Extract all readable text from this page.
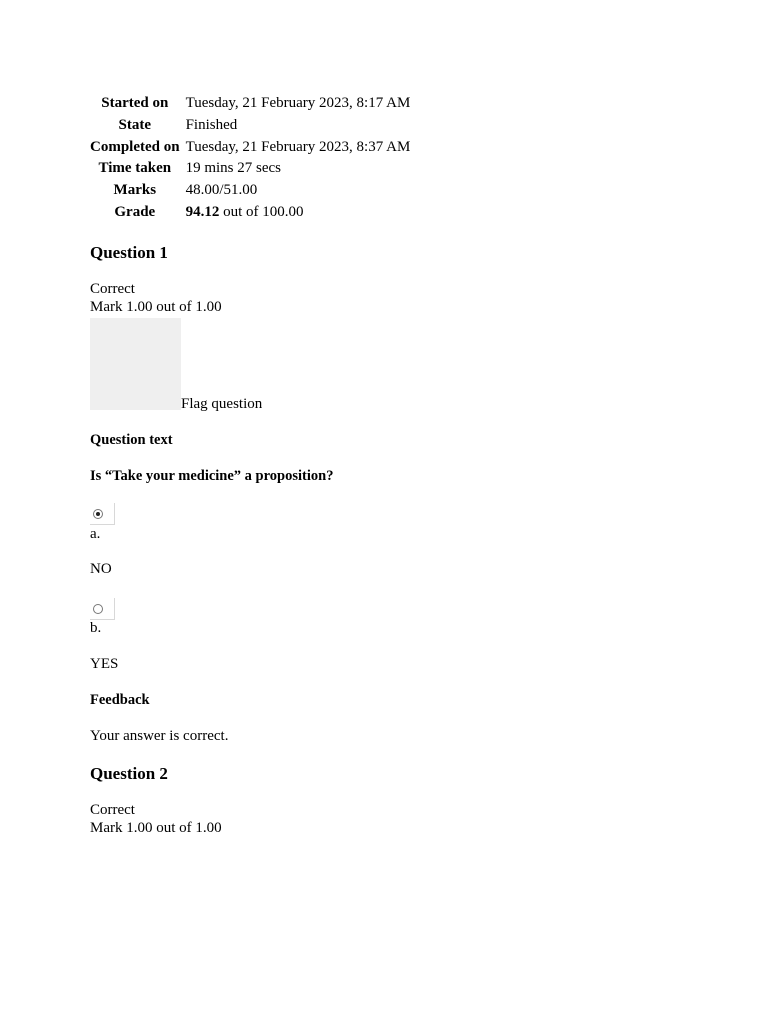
Started on	Tuesday, 21 February 2023, 8:17 AM
State	Finished
Completed on	Tuesday, 21 February 2023, 8:37 AM
Time taken	19 mins 27 secs
Marks	48.00/51.00
Grade	94.12 out of 100.00
Question 1
Correct
Mark 1.00 out of 1.00
Flag question
Question text
Is “Take your medicine” a proposition?
a.
NO
b.
YES
Feedback
Your answer is correct.
Question 2
Correct
Mark 1.00 out of 1.00
